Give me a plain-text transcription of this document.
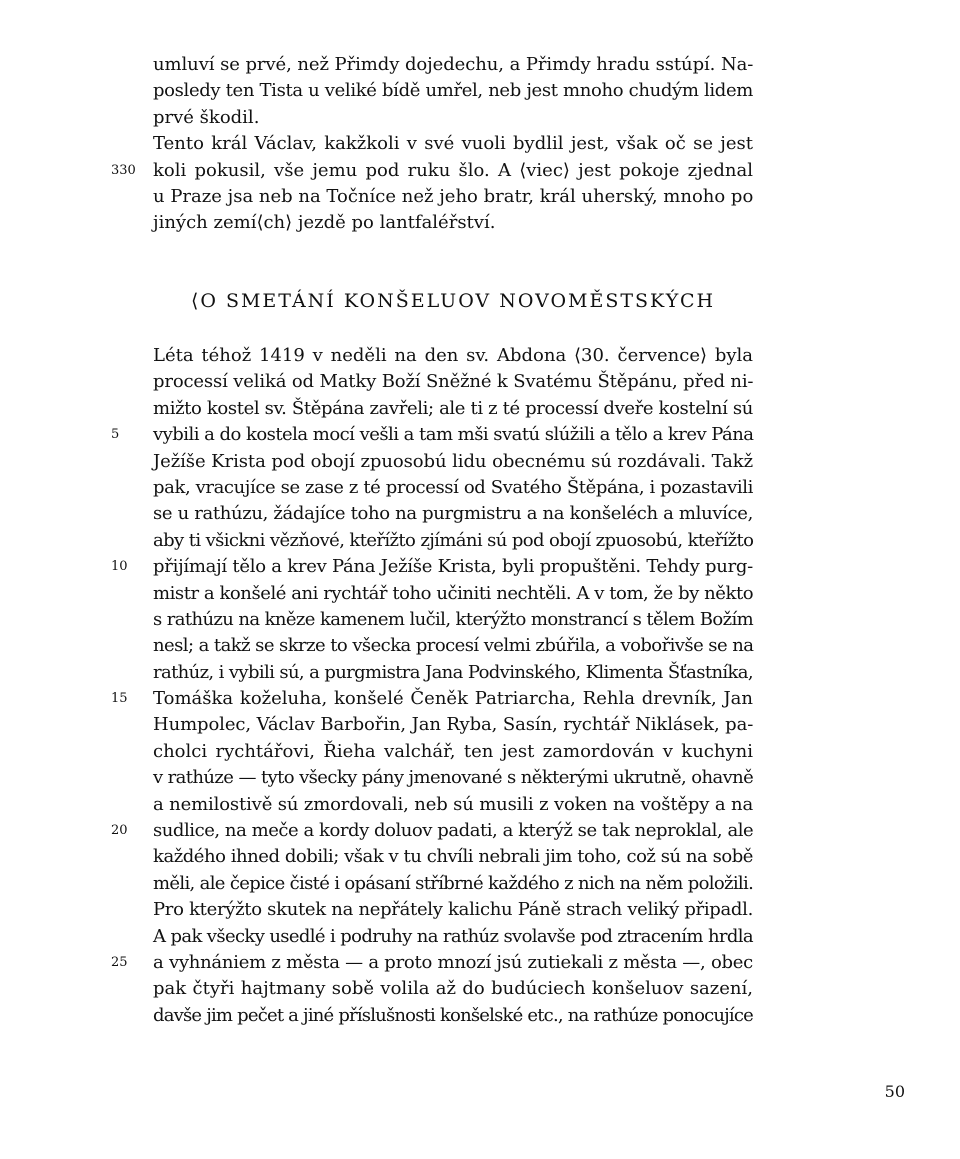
umluví se prvé, než Přimdy dojedechu, a Přimdy hradu sstúpí. Na-
posledy ten Tista u veliké bídě umřel, neb jest mnoho chudým lidem
prvé škodil.
Tento král Václav, kakžkoli v své vuoli bydlil jest, však oč se jest
330 koli pokusil, vše jemu pod ruku šlo. A ⟨viec⟩ jest pokoje zjednal
u Praze jsa neb na Točníce než jeho bratr, král uherský, mnoho po
jiných zemí⟨ch⟩ jezdě po lantfaléřství.
⟨O SMETÁNÍ KONŠELUOV NOVOMĚSTSKÝCH
Léta téhož 1419 v neděli na den sv. Abdona ⟨30. července⟩ byla
processí veliká od Matky Boží Sněžné k Svatému Štěpánu, před ni-
mižto kostel sv. Štěpána zavřeli; ale ti z té processí dveře kostelní sú
5	vybili a do kostela mocí vešli a tam mši svatú slúžili a tělo a krev Pána
Ježíše Krista pod obojí zpuosobú lidu obecnému sú rozdávali. Takž
pak, vracujíce se zase z té processí od Svatého Štěpána, i pozastavili
se u rathúzu, žádajíce toho na purgmistru a na konšeléch a mluvíce,
aby ti všickni vězňové, kteřížto zjímáni sú pod obojí zpuosobú, kteřížto
10	přijímají tělo a krev Pána Ježíše Krista, byli propuštěni. Tehdy purg-
mistr a konšelé ani rychtář toho učiniti nechtěli. A v tom, že by někto
s rathúzu na kněze kamenem lučil, kterýžto monstrancí s tělem Božím
nesl; a takž se skrze to všecka procesí velmi zbúřila, a vobořivše se na
rathúz, i vybili sú, a purgmistra Jana Podvinského, Klimenta Šťastníka,
15	Tomáška koželuha, konšelé Čeněk Patriarcha, Rehla drevník, Jan
Humpolec, Václav Barbořin, Jan Ryba, Sasín, rychtář Niklásek, pa-
cholci rychtářovi, Řieha valchář, ten jest zamordován v kuchyni
v rathúze — tyto všecky pány jmenované s některými ukrutně, ohavně
a nemilostivě sú zmordovali, neb sú musili z voken na voštěpy a na
20	sudlice, na meče a kordy doluov padati, a kterýž se tak neproklal, ale
každého ihned dobili; však v tu chvíli nebrali jim toho, což sú na sobě
měli, ale čepice čisté i opásaní stříbrné každého z nich na něm položili.
Pro kterýžto skutek na nepřátely kalichu Páně strach veliký připadl.
A pak všecky usedlé i podruhy na rathúz svolavše pod ztracením hrdla
25	a vyhnániem z města — a proto mnozí jsú zutiekali z města —, obec
pak čtyři hajtmany sobě volila až do budúciech konšeluov sazení,
davše jim pečet a jiné příslušnosti konšelské etc., na rathúze ponocujíce
50
